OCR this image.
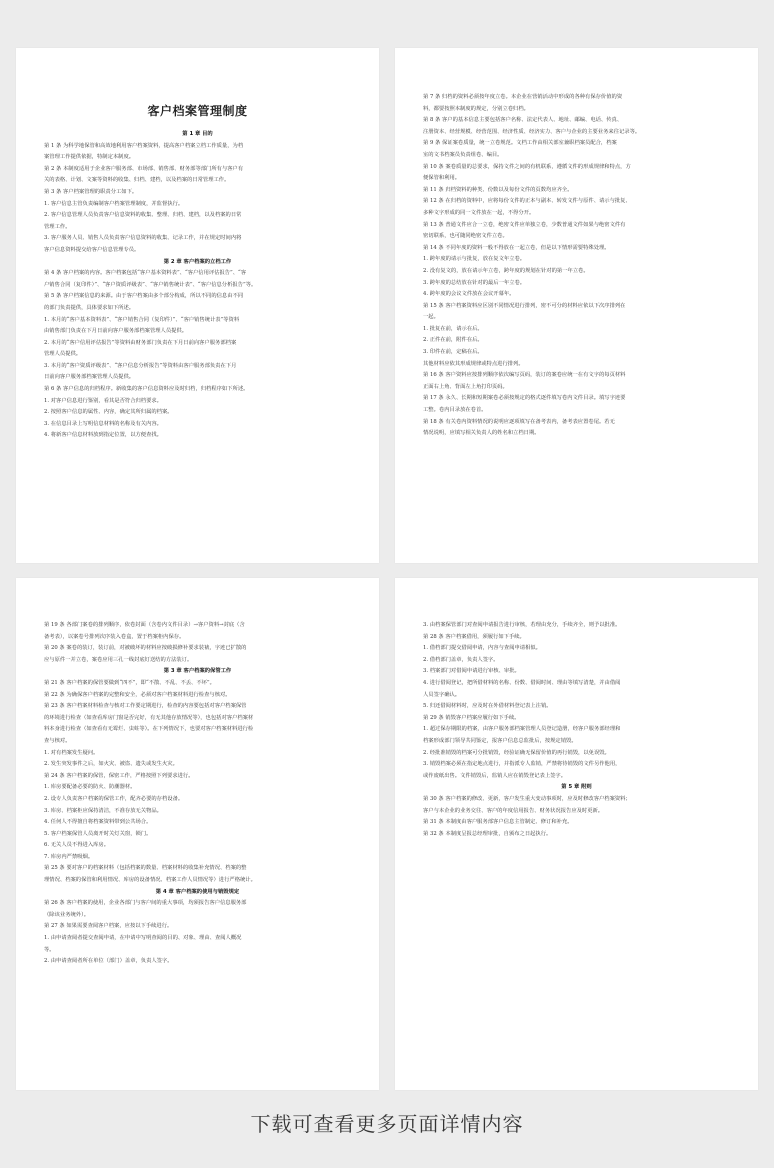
客户档案管理制度

第 1 章 目的

第 1 条 为科学地保管和高效地利用客户档案资料，提高客户档案立档工作质量，为档

案管理工作提供依据，特制定本制度。

第 2 条 本制度适用于企业客户服务部、市场部、销售部、财务部等部门所有与客户有

关的表格、计划、文案等资料的收集、归档、建档，以及档案的日常管理工作。

第 3 条 客户档案管理的职责分工如下。

1. 客户信息主管负责编制客户档案管理制度，并监督执行。

2. 客户信息管理人员负责客户信息资料的收集、整理、归档、建档，以及档案的日常

管理工作。

3. 客户服务人员、销售人员负责客户信息资料的收集、记录工作，并在规定时间内将

客户信息资料提交给客户信息管理专员。

第 2 章 客户档案的立档工作

第 4 条 客户档案的内容。客户档案包括“客户基本资料表”、“客户信用评估报告”、“客

户销售合同（复印件）”、“客户资质评级表”、“客户销售统计表”、“客户信息分析报告”等。

第 5 条 客户档案信息的来源。由于客户档案由多个部分构成，所以不同的信息由不同

的部门负责提供，具体要求如下所述。

1. 本月的“客户基本资料表”、“客户销售合同（复印件）”、“客户销售统计表”等资料

由销售部门负责在下月日前向客户服务部档案管理人员提供。

2. 本月的“客户信用评估报告”等资料由财务部门负责在下月日前向客户服务部档案

管理人员提供。

3. 本月的“客户资质评级表”、“客户信息分析报告”等资料由客户服务部负责在下月

日前向客户服务部档案管理人员提供。

第 6 条 客户信息的归档程序。新收集的客户信息资料应及时归档，归档程序如下所述。

1. 对客户信息进行鉴别，看其是否符合归档要求。

2. 按照客户信息的属性、内容，确定其所归属的档案。

3. 在信息目录上写明信息材料的名称及有关内容。

4. 将新客户信息材料放到指定位置，以方便查找。

第 7 条 归档的资料必须按年度立卷。本企业在营销活动中形成的各种有保存价值的资

料，都要按照本制度的规定，分别立卷归档。

第 8 条 客户的基本信息主要包括客户名称、法定代表人、地址、邮编、电话、传真、

注册资本、经营规模、经营范围、经济性质、经济实力、客户与企业的主要业务来往记录等。

第 9 条 保证案卷质量，统一立卷规范。文档工作由相关部室兼职档案员配合，档案

室的文书档案员负责组卷、编目。

第 10 条 案卷质量的总要求，保持文件之间的有机联系，遵循文件的形成规律和特点，方

便保管和利用。

第 11 条 归档资料的种类、份数以及每份文件的页数均应齐全。

第 12 条 在归档的资料中，应将每份文件的正本与副本、转发文件与原件、请示与批复、

多种文字形成的同一文件放在一起，不得分开。

第 13 条 普通文件应合一立卷，绝密文件应单独立卷，少数普通文件如果与绝密文件有

密切联系，也可随同绝密文件立卷。

第 14 条 不同年度的资料一般不得放在一起立卷，但是以下情形需要特殊处理。

1. 跨年度的请示与批复，放在复文年立卷。

2. 没有复文的，放在请示年立卷，跨年度的规划在针对的第一年立卷。

3. 跨年度的总结放在针对的最后一年立卷。

4. 跨年度的会议文件放在会议开幕年。

第 15 条 客户档案资料应区别不同情况进行排列，密不可分的材料应依以下次序排列在

一起。

1. 批复在前，请示在后。

2. 正件在前，附件在后。

3. 印件在前，定稿在后。

其他材料应依其形成规律或特点进行排列。

第 16 条 客户资料应按排列顺序依次编写页码，装订的案卷应统一在有文字的每页材料

正面右上角、背面左上角打印页码。

第 17 条 永久、长期和短期案卷必须按规定的格式逐件填写卷内文件目录。填写字迹要

工整。卷内目录放在卷首。

第 18 条 有关卷内资料情况的说明应逐项填写在备考表内，备考表应置卷尾。若无

情况说明，应填写相关负责人的姓名和立档日期。

第 19 条 各部门案卷的排列顺序，依卷封面（含卷内文件目录）→客户资料→封底（含

备考表），以案卷号排列次序装入卷盒，置于档案柜内保存。

第 20 条 案卷的装订，装订前，对被破坏的材料应按破损修补要求装裱，字迹已扩散的

应与原件一并立卷，案卷应用三孔一线封底钉送结的方法装订。

第 3 章 客户档案的保管工作

第 21 条 客户档案的保管要做到“四不”，即“不散、不乱、不丢、不坏”。

第 22 条 为确保客户档案的完整和安全，必须对客户档案材料进行检查与核对。

第 23 条 客户档案材料检查与核对工作要定期进行，检查的内容要包括对客户档案保管

的环境进行检查（如查看库房门窗是否完好，有无其他存放情况等），也包括对客户档案材

料本身进行检查（如查看有无霉烂、虫蛀等）。在下列情况下，也要对客户档案材料进行检

查与核对。

1. 对有档案发生疑问。

2. 发生突发事件之后，如火灾、被盗、遗失或发生火灾。

第 24 条 客户档案的保管，保密工作，严格按照下列要求进行。

1. 库房要配备必要的防火、防潮器材。

2. 设专人负责客户档案的保管工作，配齐必要的存档设备。

3. 库房、档案柜应保持清洁，不准存放无关物品。

4. 任何人不得擅自将档案资料带到公共场合。

5. 客户档案保管人员离开时关灯关窗，锁门。

6. 无关人员不得进入库房。

7. 库房内严禁吸烟。

第 25 条 要对客户的档案材料（包括档案的数量、档案材料的收集补充情况、档案的整

理情况、档案的保管和利用情况、库房的设备情况、档案工作人员情况等）进行严格统计。

第 4 章 客户档案的使用与销毁规定

第 26 条 客户档案的使用，企业各部门与客户间的重大事项，均须报告客户信息服务部

（除该业务统外）。

第 27 条 如果需要查阅客户档案，应按以下手续进行。

1. 由申请查阅者提交查阅申请，在申请中写明查阅的目的、对象、理由、查阅人概况

等。

2. 由申请查阅者所在单位（部门）盖章，负责人签字。

3. 由档案保管部门对查阅申请报告进行审核，若理由充分，手续齐全，则予以批准。

第 28 条 客户档案借用，须履行如下手续。

1. 借档部门提交借阅申请，内容与查阅申请相似。

2. 借档部门盖章，负责人签字。

3. 档案部门对借阅申请进行审核、审批。

4. 进行借阅登记，把所借材料的名称、份数、借阅时间、理由等填写清楚，并由借阅

人员签字确认。

5. 归还借阅材料时，应及时在外借材料登记表上注销。

第 29 条 销毁客户档案应履行如下手续。

1. 超过保存期限的档案，由客户服务部档案管理人员登记造册，经客户服务部经理和

档案形成部门领导共同鉴定，报客户信息总监批后，按规定销毁。

2. 经批准销毁的档案可分批销毁，经验证确无保留价值的再行销毁，以免误毁。

3. 销毁档案必须在指定地点进行，并指派专人监销，严禁将待销毁的文件另作他用，

或作废纸出售。文件销毁后，监销人应在销毁登记表上签字。

第 5 章 附则

第 30 条 客户档案的修改、更新，客户发生重大变动事项时，应及时修改客户档案资料；

客户与本企业的业务交往、客户的年度信用报告、财务状况报告应及时更新。

第 31 条 本制度由客户服务部客户信息主管制定、修订和补充。

第 32 条 本制度呈报总经理审批，自颁布之日起执行。

下载可查看更多页面详情内容
